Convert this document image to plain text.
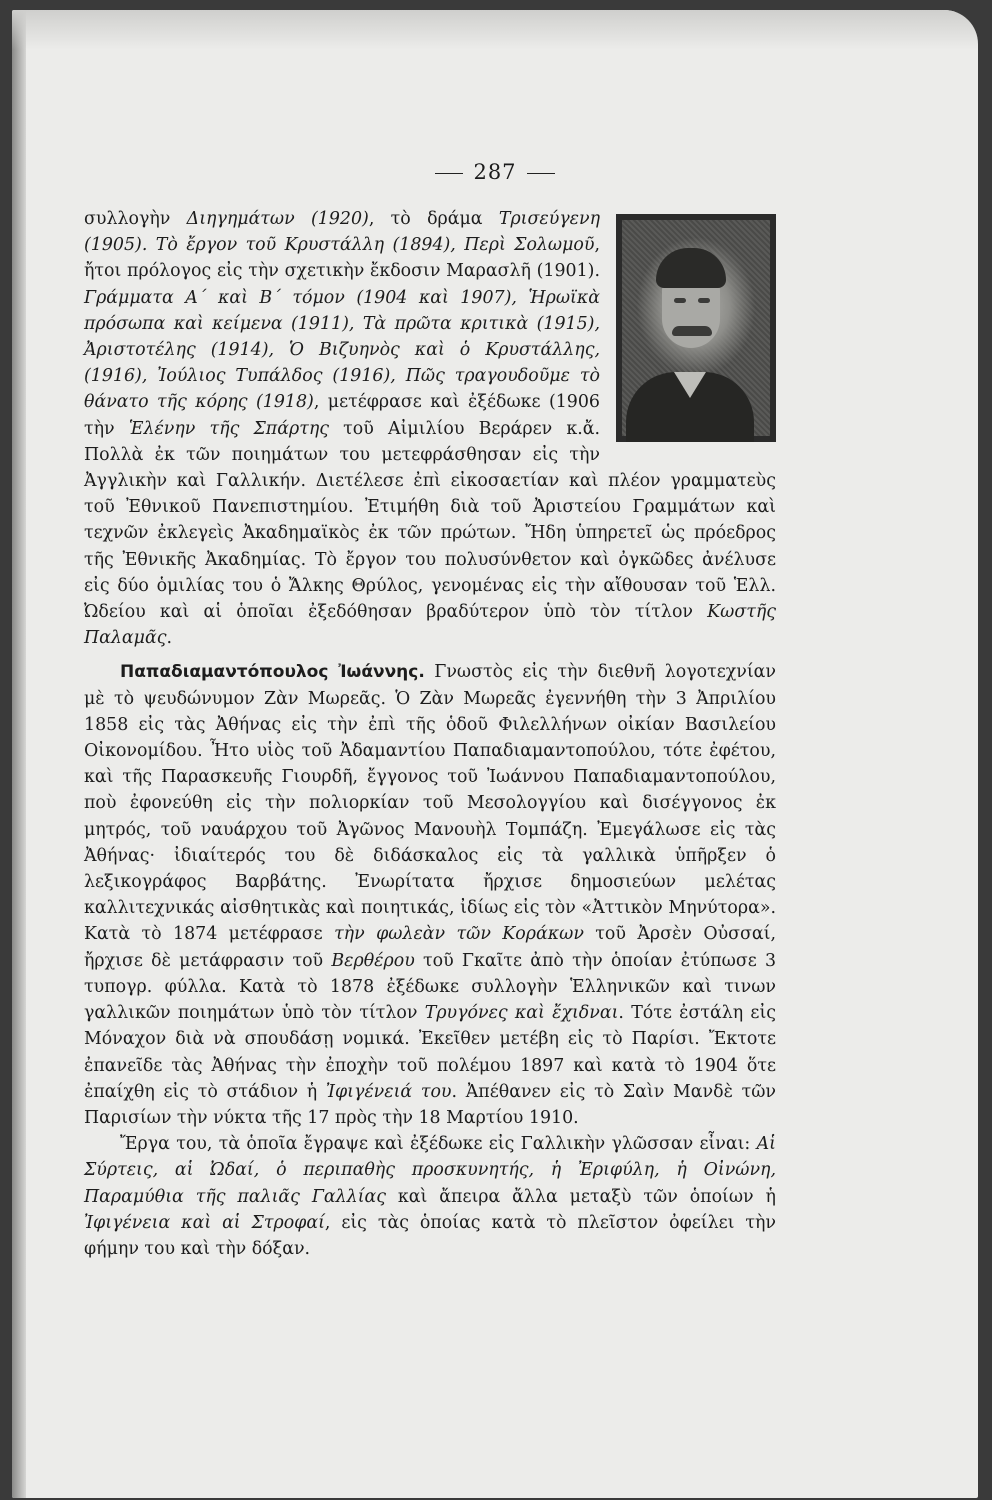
287

συλλογὴν Διηγημάτων (1920), τὸ δράμα Τρισεύγενη (1905). Τὸ ἔργον τοῦ Κρυστάλλη (1894), Περὶ Σολωμοῦ, ἤτοι πρόλογος εἰς τὴν σχετικὴν ἔκδοσιν Μαρασλῆ (1901). Γράμματα Α΄ καὶ Β΄ τόμον (1904 καὶ 1907), Ἡρωϊκὰ πρόσωπα καὶ κείμενα (1911), Τὰ πρῶτα κριτικὰ (1915), Ἀριστοτέλης (1914), Ὁ Βιζυηνὸς καὶ ὁ Κρυστάλλης, (1916), Ἰούλιος Τυπάλδος (1916), Πῶς τραγουδοῦμε τὸ θάνατο τῆς κόρης (1918), μετέφρασε καὶ ἐξέδωκε (1906 τὴν Ἑλένην τῆς Σπάρτης τοῦ Αἰμιλίου Βεράρεν κ.ἄ. Πολλὰ ἐκ τῶν ποιημάτων του μετεφράσθησαν εἰς τὴν Ἀγγλικὴν καὶ Γαλλικήν. Διετέλεσε ἐπὶ εἰκοσαετίαν καὶ πλέον γραμματεὺς τοῦ Ἐθνικοῦ Πανεπιστημίου. Ἐτιμήθη διὰ τοῦ Ἀριστείου Γραμμάτων καὶ τεχνῶν ἐκλεγεὶς Ἀκαδημαϊκὸς ἐκ τῶν πρώτων. Ἤδη ὑπηρετεῖ ὡς πρόεδρος τῆς Ἐθνικῆς Ἀκαδημίας. Τὸ ἔργον του πολυσύνθετον καὶ ὀγκῶδες ἀνέλυσε εἰς δύο ὁμιλίας του ὁ Ἄλκης Θρύλος, γενομένας εἰς τὴν αἴθουσαν τοῦ Ἑλλ. Ὠδείου καὶ αἱ ὁποῖαι ἐξεδόθησαν βραδύτερον ὑπὸ τὸν τίτλον Κωστῆς Παλαμᾶς.

Παπαδιαμαντόπουλος Ἰωάννης. Γνωστὸς εἰς τὴν διεθνῆ λογοτεχνίαν μὲ τὸ ψευδώνυμον Ζὰν Μωρεᾶς. Ὁ Ζὰν Μωρεᾶς ἐγεννήθη τὴν 3 Ἀπριλίου 1858 εἰς τὰς Ἀθήνας εἰς τὴν ἐπὶ τῆς ὁδοῦ Φιλελλήνων οἰκίαν Βασιλείου Οἰκονομίδου. Ἦτο υἱὸς τοῦ Ἀδαμαντίου Παπαδιαμαντοπούλου, τότε ἐφέτου, καὶ τῆς Παρασκευῆς Γιουρδῆ, ἔγγονος τοῦ Ἰωάννου Παπαδιαμαντοπούλου, ποὺ ἐφονεύθη εἰς τὴν πολιορκίαν τοῦ Μεσολογγίου καὶ δισέγγονος ἐκ μητρός, τοῦ ναυάρχου τοῦ Ἀγῶνος Μανουὴλ Τομπάζη. Ἐμεγάλωσε εἰς τὰς Ἀθήνας· ἰδιαίτερός του δὲ διδάσκαλος εἰς τὰ γαλλικὰ ὑπῆρξεν ὁ λεξικογράφος Βαρβάτης. Ἐνωρίτατα ἤρχισε δημοσιεύων μελέτας καλλιτεχνικάς αἰσθητικὰς καὶ ποιητικάς, ἰδίως εἰς τὸν «Ἀττικὸν Μηνύτορα». Κατὰ τὸ 1874 μετέφρασε τὴν φωλεὰν τῶν Κοράκων τοῦ Ἀρσὲν Οὐσσαί, ἤρχισε δὲ μετάφρασιν τοῦ Βερθέρου τοῦ Γκαῖτε ἀπὸ τὴν ὁποίαν ἐτύπωσε 3 τυπογρ. φύλλα. Κατὰ τὸ 1878 ἐξέδωκε συλλογὴν Ἑλληνικῶν καὶ τινων γαλλικῶν ποιημάτων ὑπὸ τὸν τίτλον Τρυγόνες καὶ ἔχιδναι. Τότε ἐστάλη εἰς Μόναχον διὰ νὰ σπουδάσῃ νομικά. Ἐκεῖθεν μετέβη εἰς τὸ Παρίσι. Ἔκτοτε ἐπανεῖδε τὰς Ἀθήνας τὴν ἐποχὴν τοῦ πολέμου 1897 καὶ κατὰ τὸ 1904 ὅτε ἐπαίχθη εἰς τὸ στάδιον ἡ Ἰφιγένειά του. Ἀπέθανεν εἰς τὸ Σαὶν Μανδὲ τῶν Παρισίων τὴν νύκτα τῆς 17 πρὸς τὴν 18 Μαρτίου 1910.

Ἔργα του, τὰ ὁποῖα ἔγραψε καὶ ἐξέδωκε εἰς Γαλλικὴν γλῶσσαν εἶναι: Αἱ Σύρτεις, αἱ Ὠδαί, ὁ περιπαθὴς προσκυνητής, ἡ Ἐριφύλη, ἡ Οἰνώνη, Παραμύθια τῆς παλιᾶς Γαλλίας καὶ ἄπειρα ἄλλα μεταξὺ τῶν ὁποίων ἡ Ἰφιγένεια καὶ αἱ Στροφαί, εἰς τὰς ὁποίας κατὰ τὸ πλεῖστον ὀφείλει τὴν φήμην του καὶ τὴν δόξαν.
